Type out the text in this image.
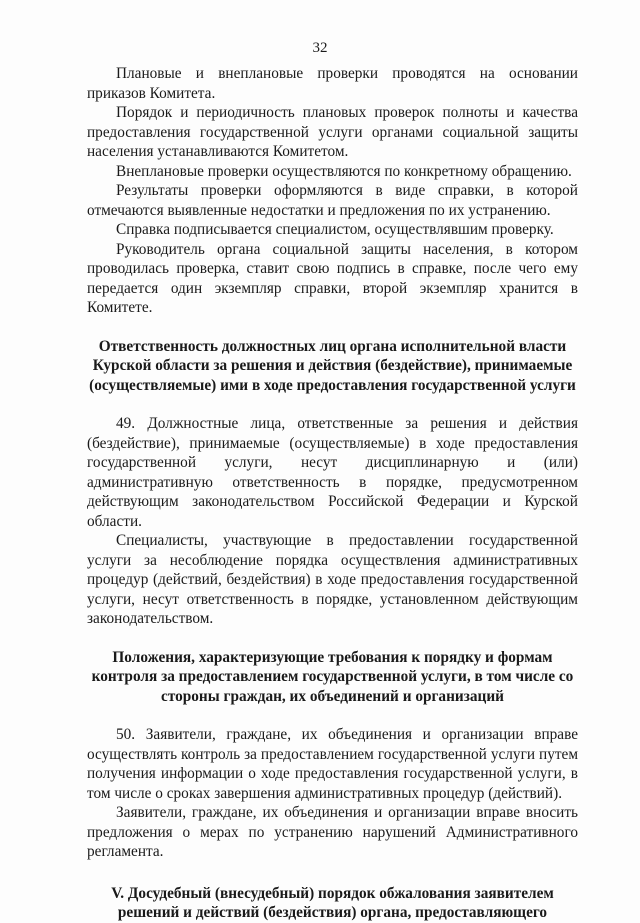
32

Плановые и внеплановые проверки проводятся на основании приказов Комитета.

Порядок и периодичность плановых проверок полноты и качества предоставления государственной услуги органами социальной защиты населения устанавливаются Комитетом.

Внеплановые проверки осуществляются по конкретному обращению.

Результаты проверки оформляются в виде справки, в которой отмечаются выявленные недостатки и предложения по их устранению.

Справка подписывается специалистом, осуществлявшим проверку.

Руководитель органа социальной защиты населения, в котором проводилась проверка, ставит свою подпись в справке, после чего ему передается один экземпляр справки, второй экземпляр хранится в Комитете.

Ответственность должностных лиц органа исполнительной власти Курской области за решения и действия (бездействие), принимаемые (осуществляемые) ими в ходе предоставления государственной услуги

49. Должностные лица, ответственные за решения и действия (бездействие), принимаемые (осуществляемые) в ходе предоставления государственной услуги, несут дисциплинарную и (или) административную ответственность в порядке, предусмотренном действующим законодательством Российской Федерации и Курской области.

Специалисты, участвующие в предоставлении государственной услуги за несоблюдение порядка осуществления административных процедур (действий, бездействия) в ходе предоставления государственной услуги, несут ответственность в порядке, установленном действующим законодательством.

Положения, характеризующие требования к порядку и формам контроля за предоставлением государственной услуги, в том числе со стороны граждан, их объединений и организаций

50. Заявители, граждане, их объединения и организации вправе осуществлять контроль за предоставлением государственной услуги путем получения информации о ходе предоставления государственной услуги, в том числе о сроках завершения административных процедур (действий).

Заявители, граждане, их объединения и организации вправе вносить предложения о мерах по устранению нарушений Административного регламента.

V. Досудебный (внесудебный) порядок обжалования заявителем решений и действий (бездействия) органа, предоставляющего
